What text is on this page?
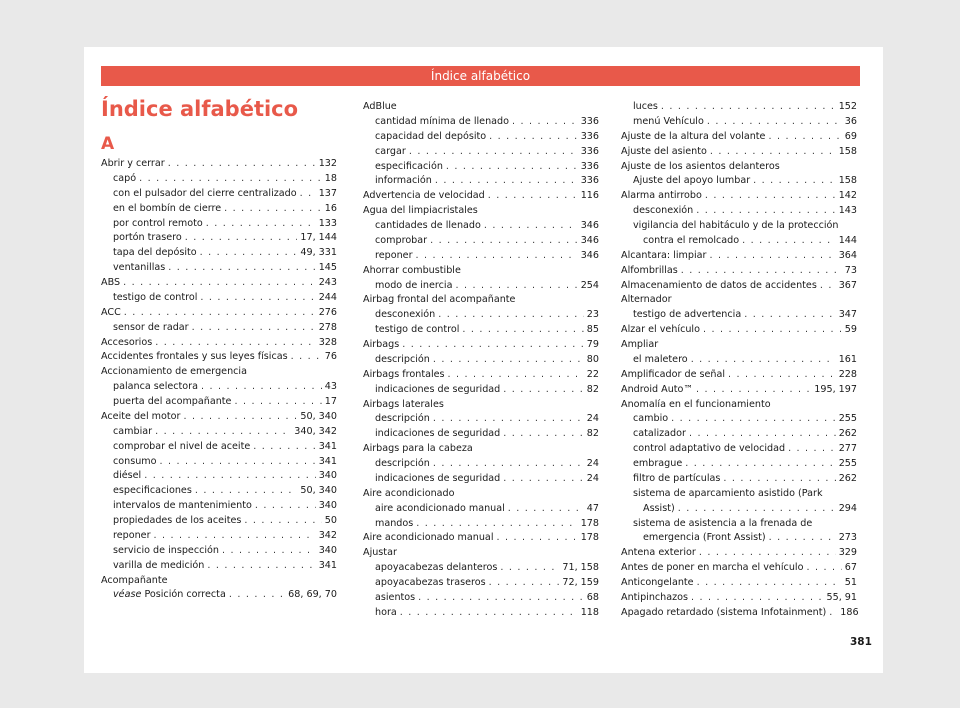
Índice alfabético
Índice alfabético
A
Abrir y cerrar . . .	132
capó . . .	18
con el pulsador del cierre centralizado . . . 137
en el bombín de cierre . . .	16
por control remoto . . .	133
portón trasero . . .	17, 144
tapa del depósito . . .	49, 331
ventanillas . . .	145
ABS . . .	243
testigo de control . . .	244
ACC . . .	276
sensor de radar . . .	278
Accesorios . . .	328
Accidentes frontales y sus leyes físicas . . .	76
Accionamiento de emergencia
palanca selectora . . .	43
puerta del acompañante . . .	17
Aceite del motor . . .	50, 340
cambiar . . .	340, 342
comprobar el nivel de aceite . . .	341
consumo . . .	341
diésel . . .	340
especificaciones . . .	50, 340
intervalos de mantenimiento . . .	340
propiedades de los aceites . . .	50
reponer . . .	342
servicio de inspección . . .	340
varilla de medición . . .	341
Acompañante
véase Posición correcta . . .	68, 69, 70
AdBlue
cantidad mínima de llenado . . .	336
capacidad del depósito . . .	336
cargar . . .	336
especificación . . .	336
información . . .	336
Advertencia de velocidad . . .	116
Agua del limpiacristales
cantidades de llenado . . .	346
comprobar . . .	346
reponer . . .	346
Ahorrar combustible
modo de inercia . . .	254
Airbag frontal del acompañante
desconexión . . .	23
testigo de control . . .	85
Airbags . . .	79
descripción . . .	80
Airbags frontales . . .	22
indicaciones de seguridad . . .	82
Airbags laterales
descripción . . .	24
indicaciones de seguridad . . .	82
Airbags para la cabeza
descripción . . .	24
indicaciones de seguridad . . .	24
Aire acondicionado
aire acondicionado manual . . .	47
mandos . . .	178
Aire acondicionado manual . . .	178
Ajustar
apoyacabezas delanteros . . .	71, 158
apoyacabezas traseros . . .	72, 159
asientos . . .	68
hora . . .	118
luces . . .	152
menú Vehículo . . .	36
Ajuste de la altura del volante . . .	69
Ajuste del asiento . . .	158
Ajuste de los asientos delanteros
Ajuste del apoyo lumbar . . .	158
Alarma antirrobo . . .	142
desconexión . . .	143
vigilancia del habitáculo y de la protección
contra el remolcado . . .	144
Alcantara: limpiar . . .	364
Alfombrillas . . .	73
Almacenamiento de datos de accidentes . . . 367
Alternador
testigo de advertencia . . .	347
Alzar el vehículo . . .	59
Ampliar
el maletero . . .	161
Amplificador de señal . . .	228
Android Auto™ . . .	195, 197
Anomalía en el funcionamiento
cambio . . .	255
catalizador . . .	262
control adaptativo de velocidad . . .	277
embrague . . .	255
filtro de partículas . . .	262
sistema de aparcamiento asistido (Park
Assist) . . .	294
sistema de asistencia a la frenada de
emergencia (Front Assist) . . .	273
Antena exterior . . .	329
Antes de poner en marcha el vehículo . . .	67
Anticongelante . . .	51
Antipinchazos . . .	55, 91
Apagado retardado (sistema Infotainment) . . . 186
381
